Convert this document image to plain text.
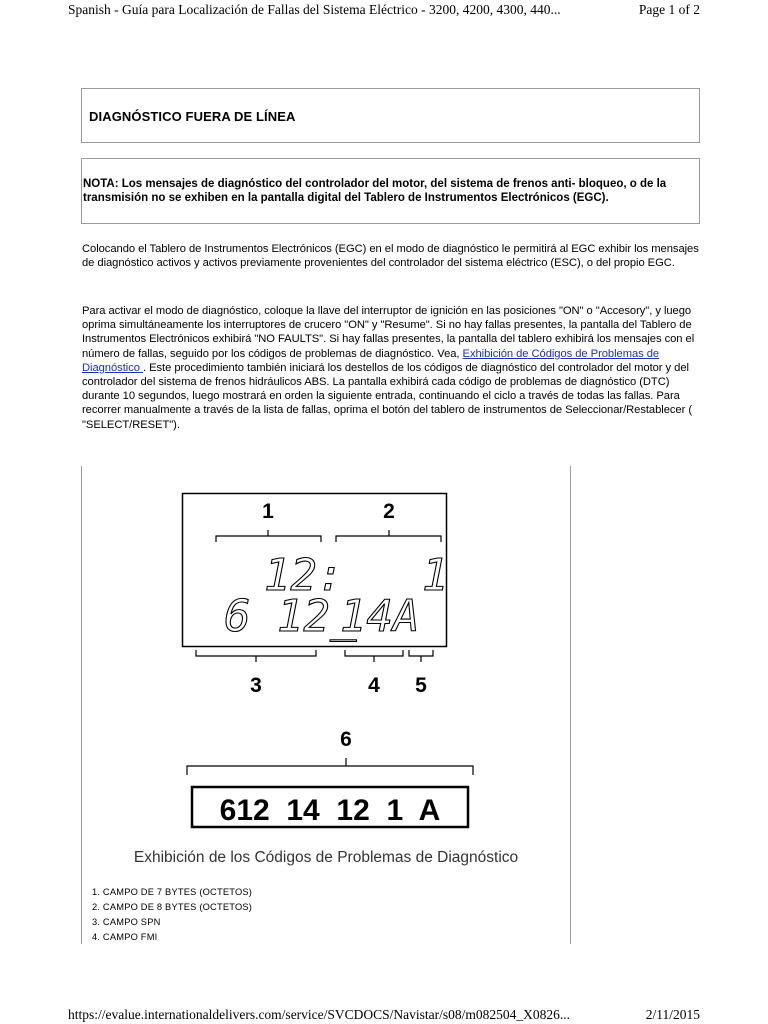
Spanish - Guía para Localización de Fallas del Sistema Eléctrico - 3200, 4200, 4300, 440...	Page 1 of 2
DIAGNÓSTICO FUERA DE LÍNEA

NOTA: Los mensajes de diagnóstico del controlador del motor, del sistema de frenos anti- bloqueo, o de la transmisión no se exhiben en la pantalla digital del Tablero de Instrumentos Electrónicos (EGC).

Colocando el Tablero de Instrumentos Electrónicos (EGC) en el modo de diagnóstico le permitirá al EGC exhibir los mensajes de diagnóstico activos y activos previamente provenientes del controlador del sistema eléctrico (ESC), o del propio EGC.

Para activar el modo de diagnóstico, coloque la llave del interruptor de ignición en las posiciones "ON" o "Accesory", y luego oprima simultáneamente los interruptores de crucero "ON" y "Resume". Si no hay fallas presentes, la pantalla del Tablero de Instrumentos Electrónicos exhibirá "NO FAULTS". Si hay fallas presentes, la pantalla del tablero exhibirá los mensajes con el número de fallas, seguido por los códigos de problemas de diagnóstico. Vea, Exhibición de Códigos de Problemas de Diagnóstico . Este procedimiento también iniciará los destellos de los códigos de diagnóstico del controlador del motor y del controlador del sistema de frenos hidráulicos ABS. La pantalla exhibirá cada código de problemas de diagnóstico (DTC) durante 10 segundos, luego mostrará en orden la siguiente entrada, continuando el ciclo a través de todas las fallas. Para recorrer manualmente a través de la lista de fallas, oprima el botón del tablero de instrumentos de Seleccionar/Restablecer ( "SELECT/RESET").

1	2
12: 1
6 12_
14A
3	4 5
6
612  14  12  1  A
Exhibición de los Códigos de Problemas de Diagnóstico
1. CAMPO DE 7 BYTES (OCTETOS)
2. CAMPO DE 8 BYTES (OCTETOS)
3. CAMPO SPN
4. CAMPO FMI
https://evalue.internationaldelivers.com/service/SVCDOCS/Navistar/s08/m082504_X0826...	2/11/2015
